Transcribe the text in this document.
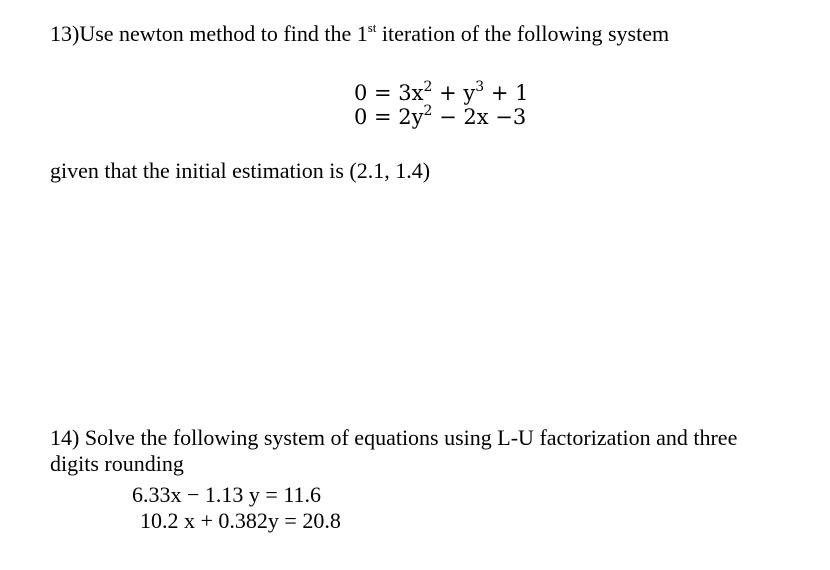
13)Use newton method to find the 1st iteration of the following system
$0 = 3x^2 + y^3 + 1$
$0 = 2y^2 - 2x -3$
given that the initial estimation is (2.1, 1.4)
14) Solve the following system of equations using L-U factorization and three
digits rounding
6.33x − 1.13 y = 11.6
10.2 x + 0.382y = 20.8
